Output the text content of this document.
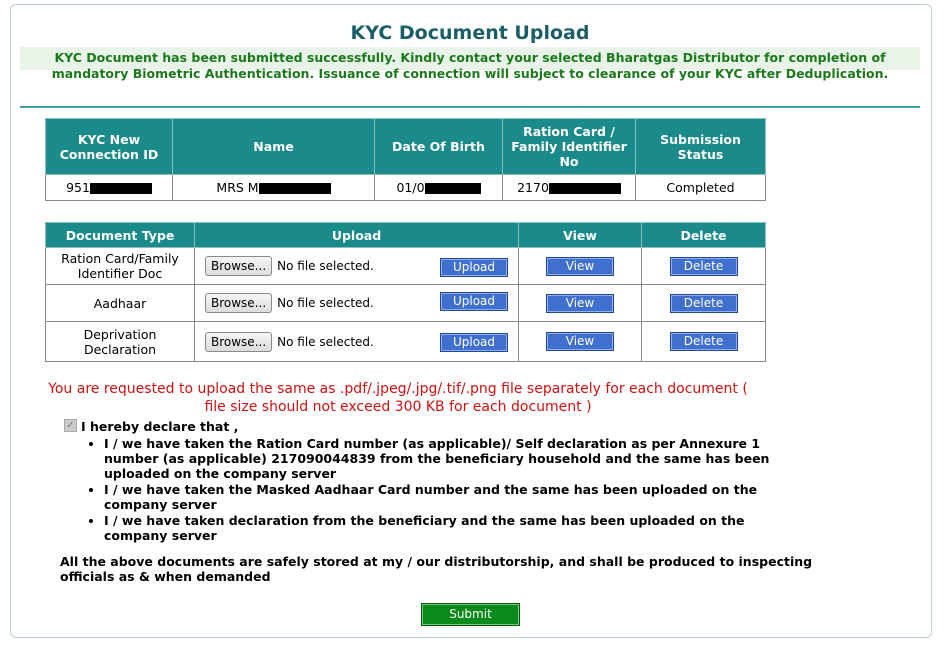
KYC Document Upload
KYC Document has been submitted successfully. Kindly contact your selected Bharatgas Distributor for completion of mandatory Biometric Authentication. Issuance of connection will subject to clearance of your KYC after Deduplication.
KYC New Connection ID	Name	Date Of Birth	Ration Card / Family Identifier No	Submission Status
951	MRS M	01/0	2170	Completed
Document Type	Upload	View	Delete
Ration Card/Family Identifier Doc	Browse... No file selected. Upload	View	Delete
Aadhaar	Browse... No file selected. Upload	View	Delete
Deprivation Declaration	Browse... No file selected. Upload	View	Delete
You are requested to upload the same as .pdf/.jpeg/.jpg/.tif/.png file separately for each document ( file size should not exceed 300 KB for each document )
✓ I hereby declare that ,
• I / we have taken the Ration Card number (as applicable)/ Self declaration as per Annexure 1 number (as applicable) 217090044839 from the beneficiary household and the same has been uploaded on the company server
• I / we have taken the Masked Aadhaar Card number and the same has been uploaded on the company server
• I / we have taken declaration from the beneficiary and the same has been uploaded on the company server
All the above documents are safely stored at my / our distributorship, and shall be produced to inspecting officials as & when demanded
Submit
